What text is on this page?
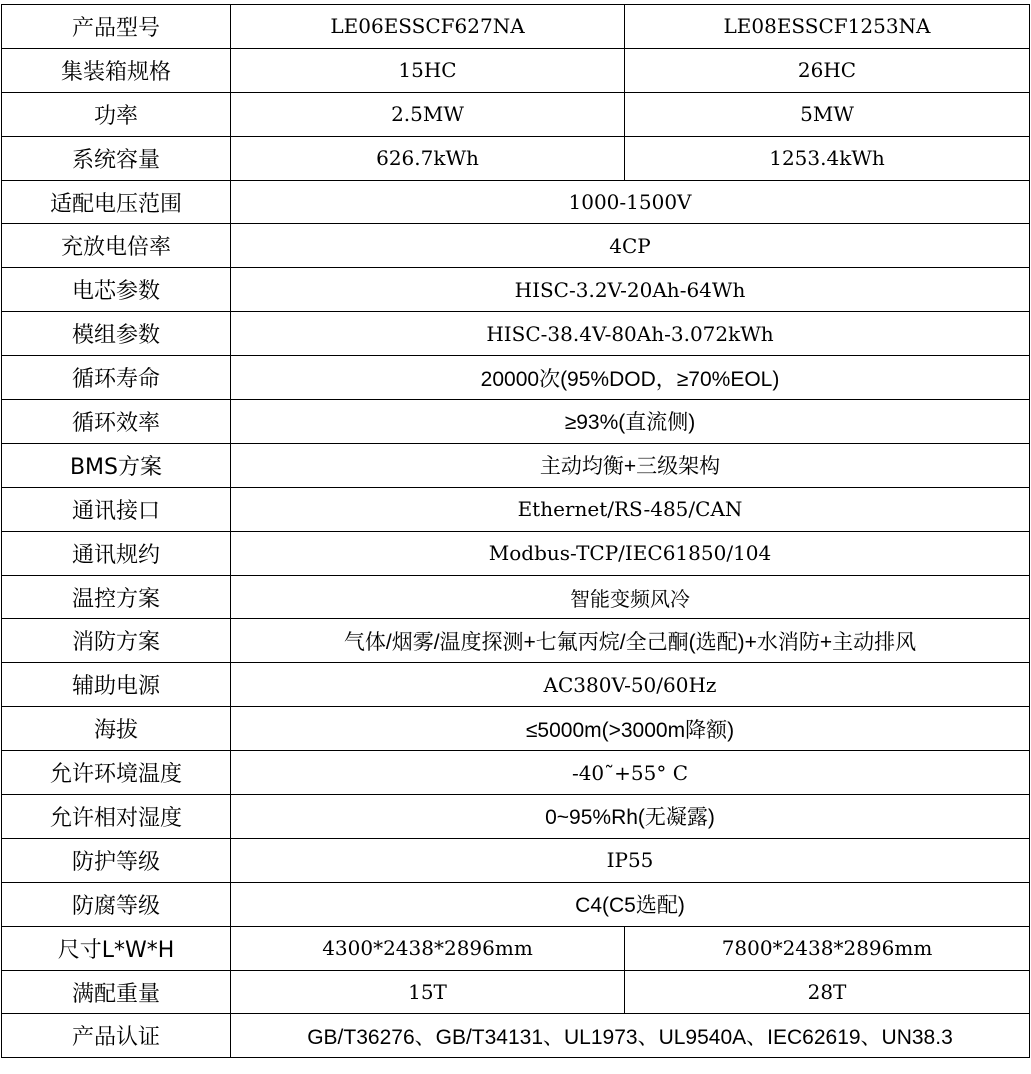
产品型号	LE06ESSCF627NA	LE08ESSCF1253NA
集装箱规格	15HC	26HC
功率	2.5MW	5MW
系统容量	626.7kWh	1253.4kWh
适配电压范围	1000-1500V	
充放电倍率	4CP	
电芯参数	HISC-3.2V-20Ah-64Wh	
模组参数	HISC-38.4V-80Ah-3.072kWh	
循环寿命	20000次(95%DOD，≥70%EOL)	
循环效率	≥93%(直流侧)	
BMS方案	主动均衡+三级架构	
通讯接口	Ethernet/RS-485/CAN	
通讯规约	Modbus-TCP/IEC61850/104	
温控方案	智能变频风冷	
消防方案	气体/烟雾/温度探测+七氟丙烷/全己酮(选配)+水消防+主动排风	
辅助电源	AC380V-50/60Hz	
海拔	≤5000m(>3000m降额)	
允许环境温度	-40˜+55° C	
允许相对湿度	0~95%Rh(无凝露)	
防护等级	IP55	
防腐等级	C4(C5选配)	
尺寸L*W*H	4300*2438*2896mm	7800*2438*2896mm
满配重量	15T	28T
产品认证	GB/T36276、GB/T34131、UL1973、UL9540A、IEC62619、UN38.3	
